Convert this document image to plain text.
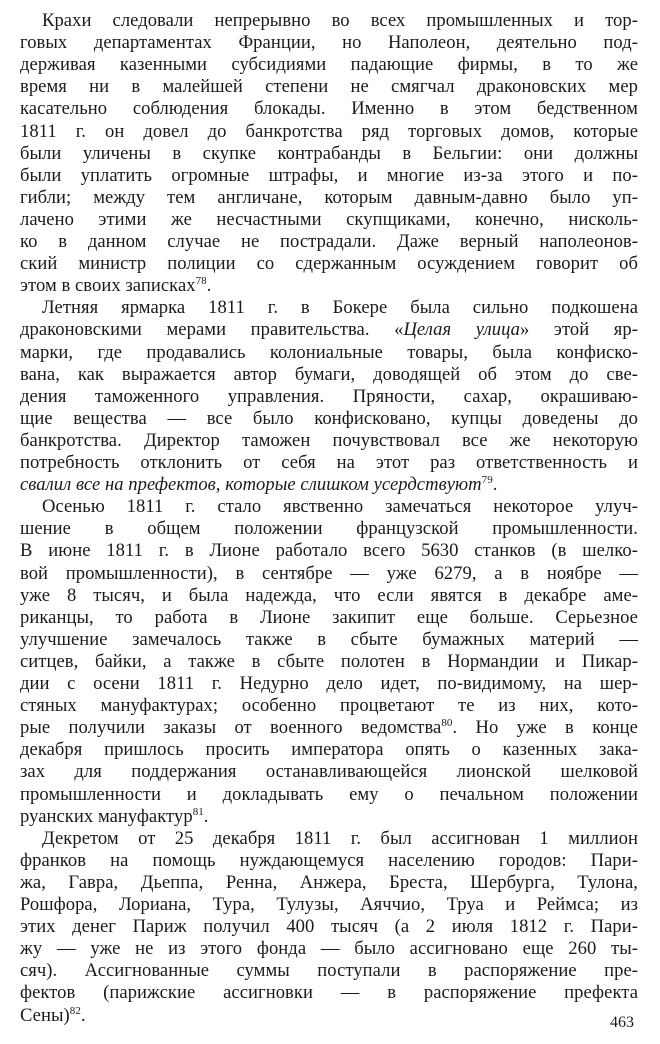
Крахи следовали непрерывно во всех промышленных и тор-
говых департаментах Франции, но Наполеон, деятельно под-
держивая казенными субсидиями падающие фирмы, в то же
время ни в малейшей степени не смягчал драконовских мер
касательно соблюдения блокады. Именно в этом бедственном
1811 г. он довел до банкротства ряд торговых домов, которые
были уличены в скупке контрабанды в Бельгии: они должны
были уплатить огромные штрафы, и многие из-за этого и по-
гибли; между тем англичане, которым давным-давно было уп-
лачено этими же несчастными скупщиками, конечно, нисколь-
ко в данном случае не пострадали. Даже верный наполеонов-
ский министр полиции со сдержанным осуждением говорит об
этом в своих записках$^{78}$.
Летняя ярмарка 1811 г. в Бокере была сильно подкошена
драконовскими мерами правительства. «Целая улица» этой яр-
марки, где продавались колониальные товары, была конфиско-
вана, как выражается автор бумаги, доводящей об этом до све-
дения таможенного управления. Пряности, сахар, окрашиваю-
щие вещества — все было конфисковано, купцы доведены до
банкротства. Директор таможен почувствовал все же некоторую
потребность отклонить от себя на этот раз ответственность и
свалил все на префектов, которые слишком усердствуют$^{79}$.
Осенью 1811 г. стало явственно замечаться некоторое улуч-
шение в общем положении французской промышленности.
В июне 1811 г. в Лионе работало всего 5630 станков (в шелко-
вой промышленности), в сентябре — уже 6279, а в ноябре —
уже 8 тысяч, и была надежда, что если явятся в декабре аме-
риканцы, то работа в Лионе закипит еще больше. Серьезное
улучшение замечалось также в сбыте бумажных материй —
ситцев, байки, а также в сбыте полотен в Нормандии и Пикар-
дии с осени 1811 г. Недурно дело идет, по-видимому, на шер-
стяных мануфактурах; особенно процветают те из них, кото-
рые получили заказы от военного ведомства$^{80}$. Но уже в конце
декабря пришлось просить императора опять о казенных зака-
зах для поддержания останавливающейся лионской шелковой
промышленности и докладывать ему о печальном положении
руанских мануфактур$^{81}$.
Декретом от 25 декабря 1811 г. был ассигнован 1 миллион
франков на помощь нуждающемуся населению городов: Пари-
жа, Гавра, Дьеппа, Ренна, Анжера, Бреста, Шербурга, Тулона,
Рошфора, Лориана, Тура, Тулузы, Аяччио, Труа и Реймса; из
этих денег Париж получил 400 тысяч (а 2 июля 1812 г. Пари-
жу — уже не из этого фонда — было ассигновано еще 260 ты-
сяч). Ассигнованные суммы поступали в распоряжение пре-
фектов (парижские ассигновки — в распоряжение префекта
Сены)$^{82}$.	463
